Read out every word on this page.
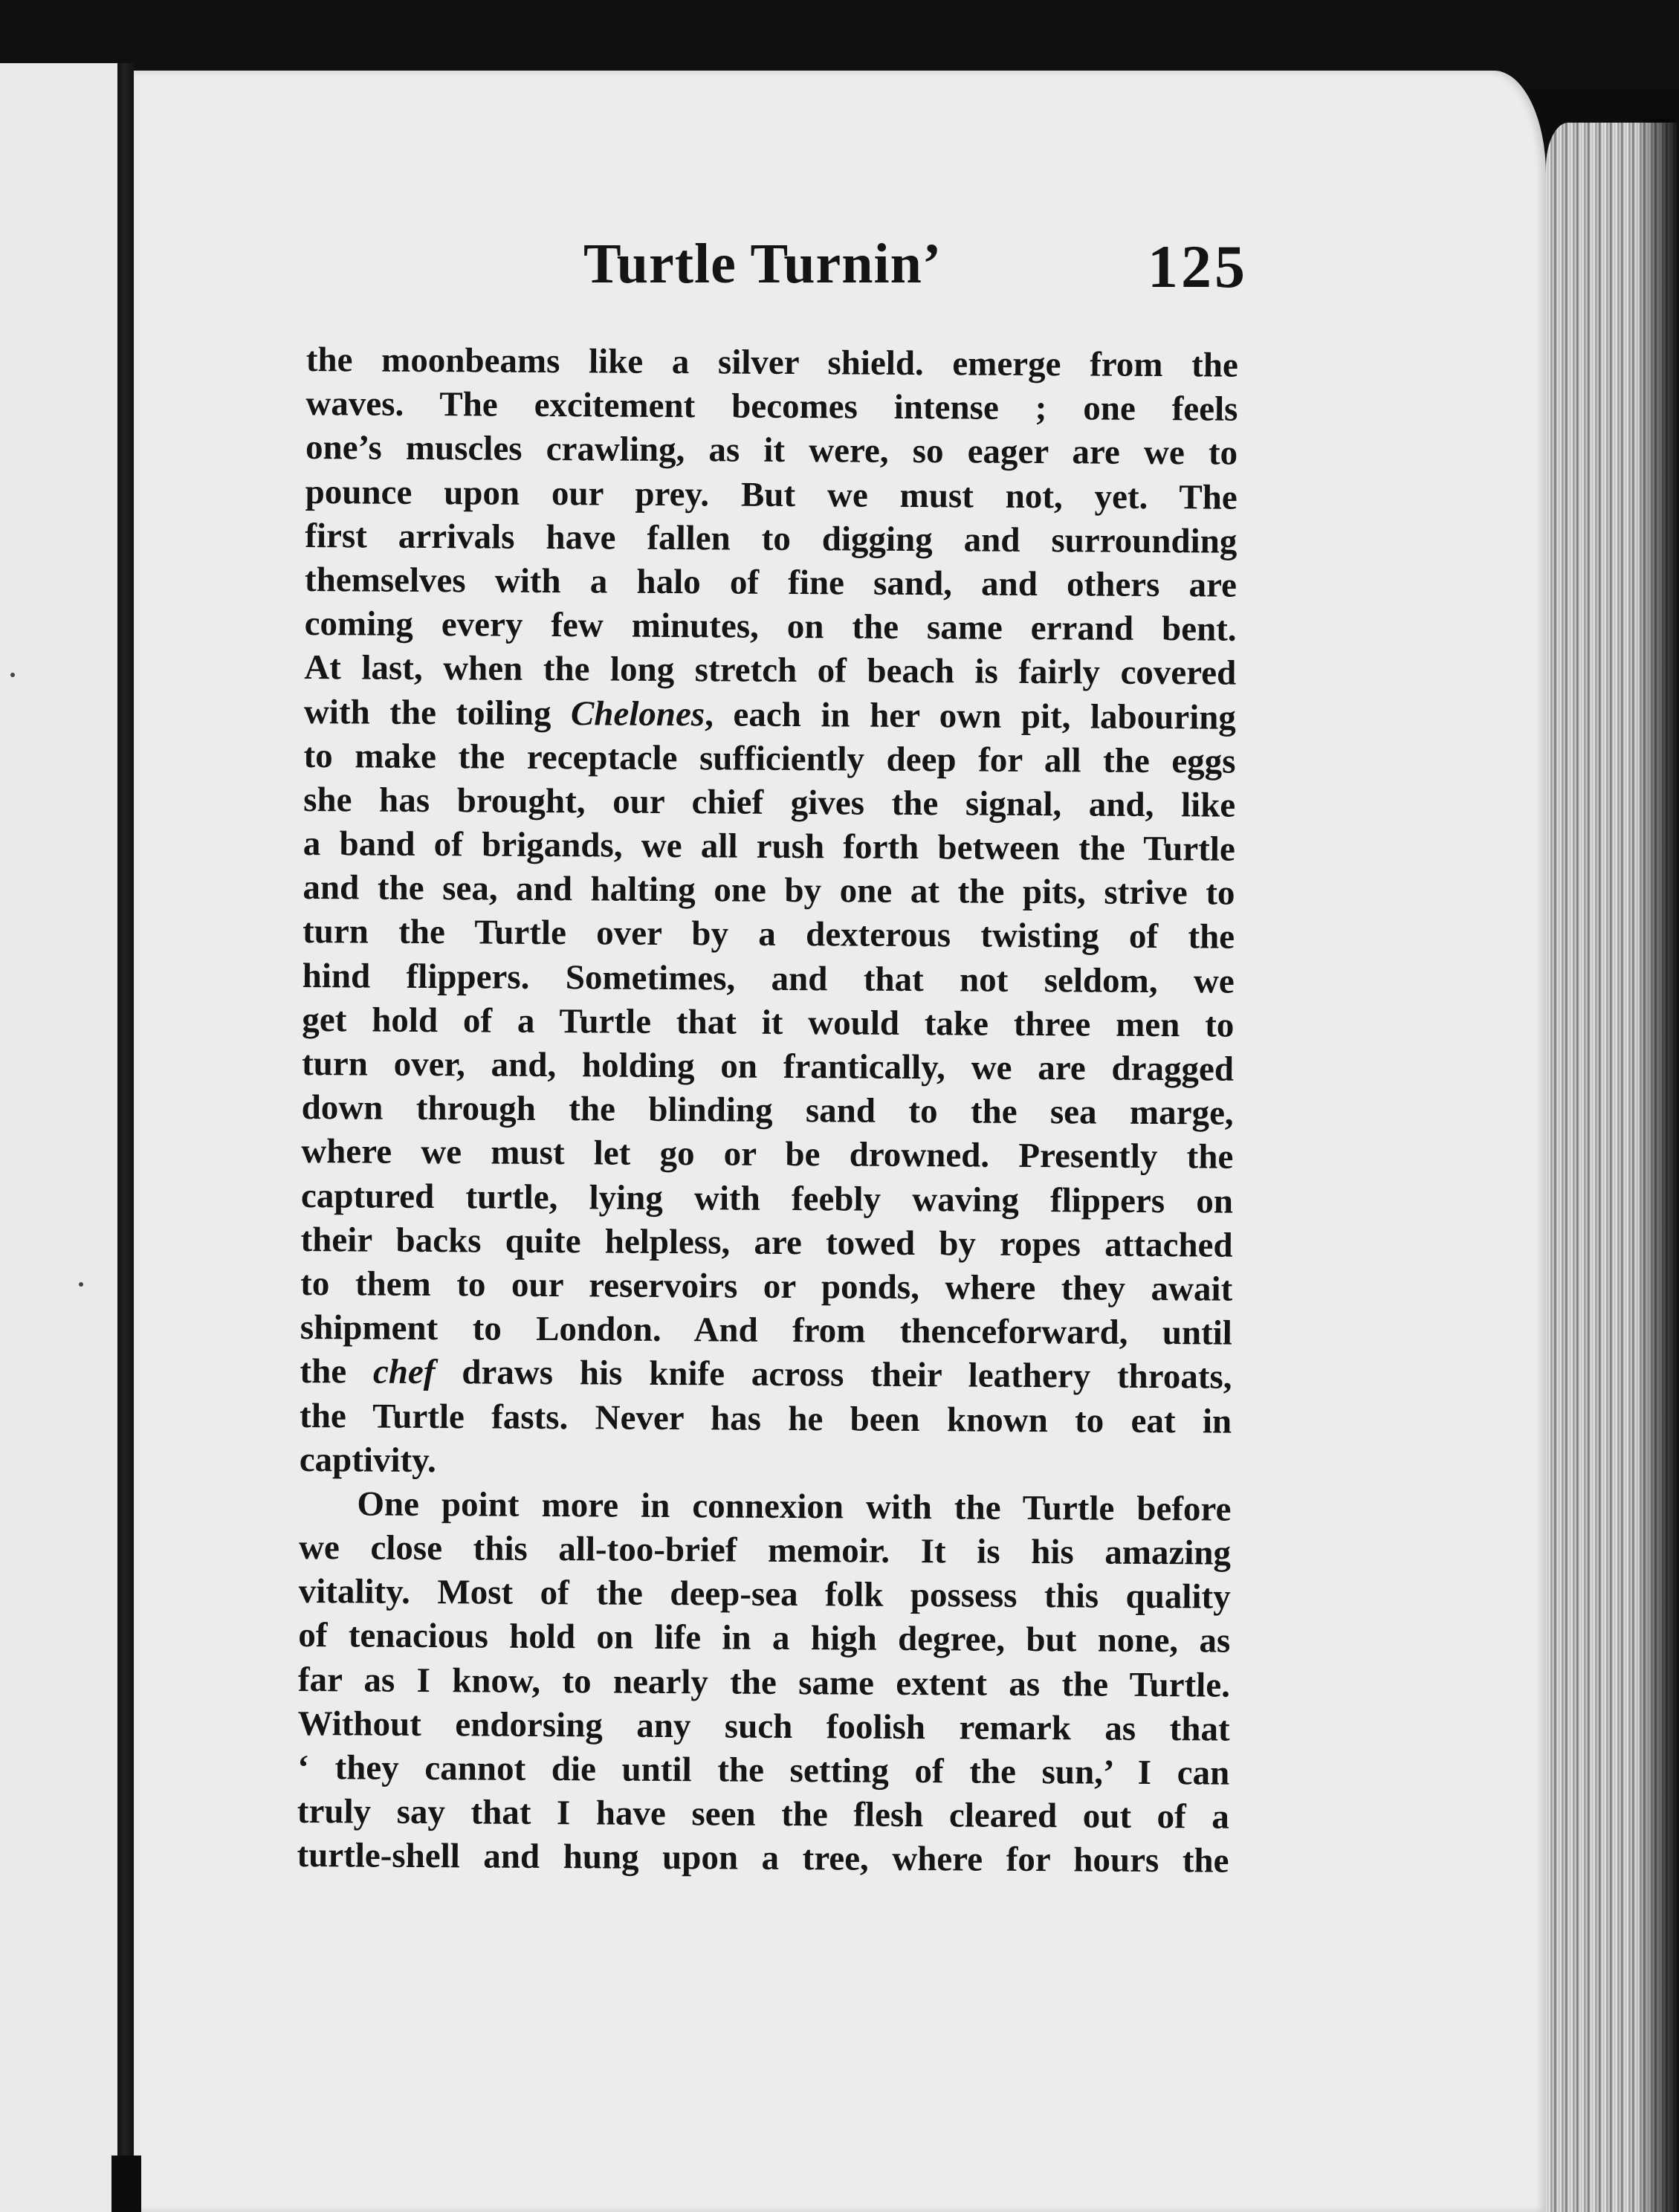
Turtle Turnin’	125
the moonbeams like a silver shield. emerge from the
waves. The excitement becomes intense ; one feels
one’s muscles crawling, as it were, so eager are we to
pounce upon our prey. But we must not, yet. The
first arrivals have fallen to digging and surrounding
themselves with a halo of fine sand, and others are
coming every few minutes, on the same errand bent.
At last, when the long stretch of beach is fairly covered
with the toiling Chelones, each in her own pit, labouring
to make the receptacle sufficiently deep for all the eggs
she has brought, our chief gives the signal, and, like
a band of brigands, we all rush forth between the Turtle
and the sea, and halting one by one at the pits, strive to
turn the Turtle over by a dexterous twisting of the
hind flippers. Sometimes, and that not seldom, we
get hold of a Turtle that it would take three men to
turn over, and, holding on frantically, we are dragged
down through the blinding sand to the sea marge,
where we must let go or be drowned. Presently the
captured turtle, lying with feebly waving flippers on
their backs quite helpless, are towed by ropes attached
to them to our reservoirs or ponds, where they await
shipment to London. And from thenceforward, until
the chef draws his knife across their leathery throats,
the Turtle fasts. Never has he been known to eat in
captivity.
One point more in connexion with the Turtle before
we close this all-too-brief memoir. It is his amazing
vitality. Most of the deep-sea folk possess this quality
of tenacious hold on life in a high degree, but none, as
far as I know, to nearly the same extent as the Turtle.
Without endorsing any such foolish remark as that
‘ they cannot die until the setting of the sun,’ I can
truly say that I have seen the flesh cleared out of a
turtle-shell and hung upon a tree, where for hours the
